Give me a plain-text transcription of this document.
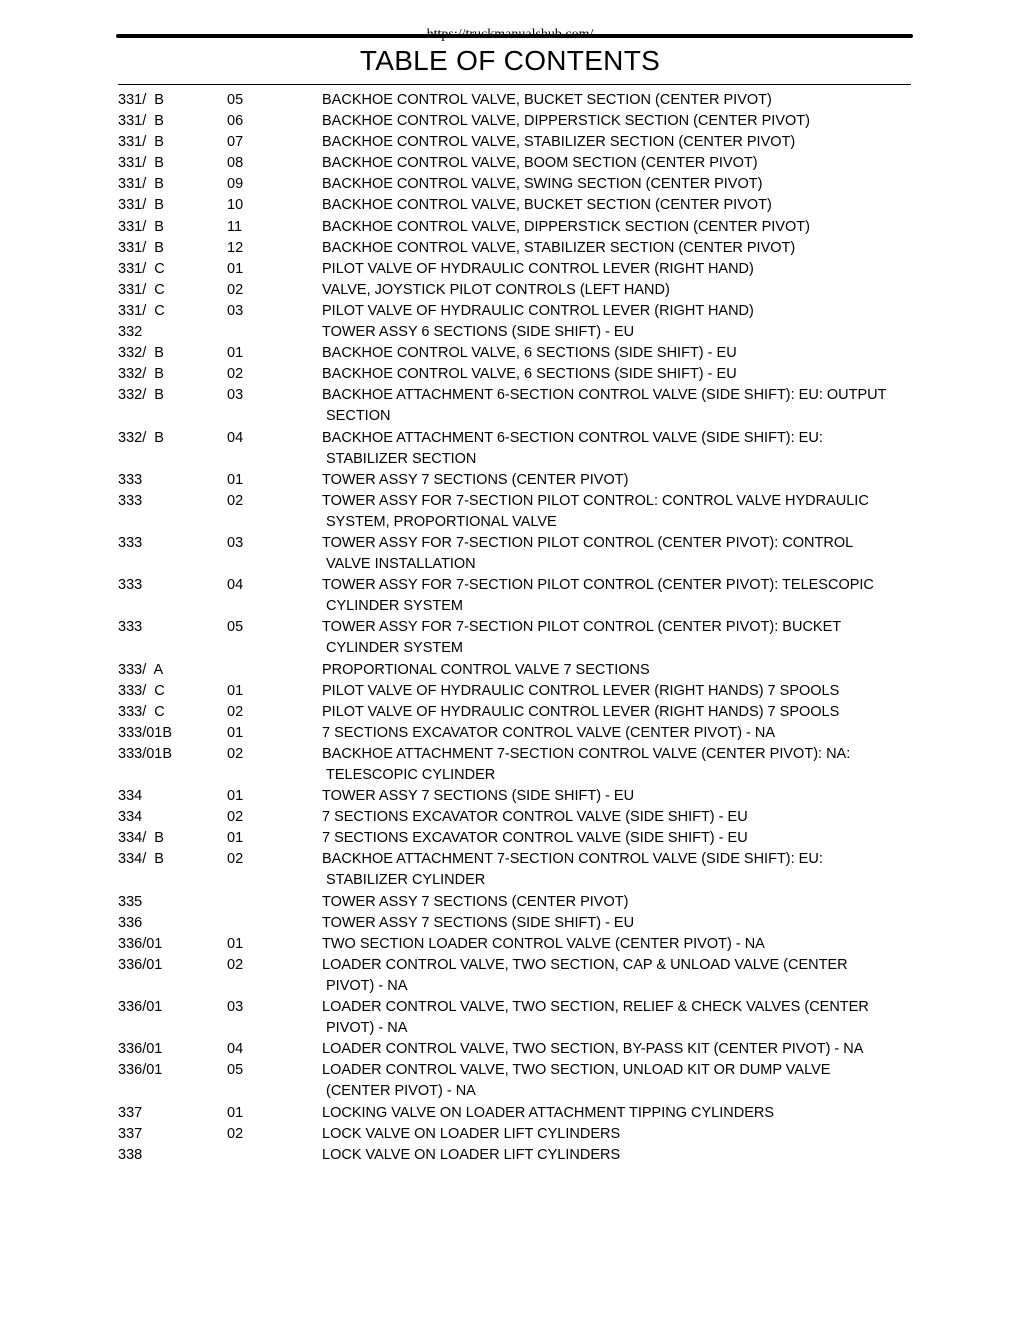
https://truckmanualshub.com/
TABLE OF CONTENTS
331/  B	05	BACKHOE CONTROL VALVE, BUCKET SECTION (CENTER PIVOT)
331/  B	06	BACKHOE CONTROL VALVE, DIPPERSTICK SECTION (CENTER PIVOT)
331/  B	07	BACKHOE CONTROL VALVE, STABILIZER SECTION (CENTER PIVOT)
331/  B	08	BACKHOE CONTROL VALVE, BOOM SECTION (CENTER PIVOT)
331/  B	09	BACKHOE CONTROL VALVE, SWING SECTION (CENTER PIVOT)
331/  B	10	BACKHOE CONTROL VALVE, BUCKET SECTION (CENTER PIVOT)
331/  B	11	BACKHOE CONTROL VALVE, DIPPERSTICK SECTION (CENTER PIVOT)
331/  B	12	BACKHOE CONTROL VALVE, STABILIZER SECTION (CENTER PIVOT)
331/  C	01	PILOT VALVE OF HYDRAULIC CONTROL LEVER (RIGHT HAND)
331/  C	02	VALVE, JOYSTICK PILOT CONTROLS (LEFT HAND)
331/  C	03	PILOT VALVE OF HYDRAULIC CONTROL LEVER (RIGHT HAND)
332	TOWER ASSY 6 SECTIONS (SIDE SHIFT) - EU
332/  B	01	BACKHOE CONTROL VALVE, 6 SECTIONS (SIDE SHIFT) - EU
332/  B	02	BACKHOE CONTROL VALVE, 6 SECTIONS (SIDE SHIFT) - EU
332/  B	03	BACKHOE ATTACHMENT 6-SECTION CONTROL VALVE (SIDE SHIFT): EU: OUTPUT
SECTION
332/  B	04	BACKHOE ATTACHMENT 6-SECTION CONTROL VALVE (SIDE SHIFT): EU:
STABILIZER SECTION
333	01	TOWER ASSY 7 SECTIONS (CENTER PIVOT)
333	02	TOWER ASSY FOR 7-SECTION PILOT CONTROL: CONTROL VALVE HYDRAULIC
SYSTEM, PROPORTIONAL VALVE
333	03	TOWER ASSY FOR 7-SECTION PILOT CONTROL (CENTER PIVOT): CONTROL
VALVE INSTALLATION
333	04	TOWER ASSY FOR 7-SECTION PILOT CONTROL (CENTER PIVOT): TELESCOPIC
CYLINDER SYSTEM
333	05	TOWER ASSY FOR 7-SECTION PILOT CONTROL (CENTER PIVOT): BUCKET
CYLINDER SYSTEM
333/  A	PROPORTIONAL CONTROL VALVE 7 SECTIONS
333/  C	01	PILOT VALVE OF HYDRAULIC CONTROL LEVER (RIGHT HANDS) 7 SPOOLS
333/  C	02	PILOT VALVE OF HYDRAULIC CONTROL LEVER (RIGHT HANDS) 7 SPOOLS
333/01B	01	7 SECTIONS EXCAVATOR CONTROL VALVE (CENTER PIVOT) - NA
333/01B	02	BACKHOE ATTACHMENT 7-SECTION CONTROL VALVE (CENTER PIVOT): NA:
TELESCOPIC CYLINDER
334	01	TOWER ASSY 7 SECTIONS (SIDE SHIFT) - EU
334	02	7 SECTIONS EXCAVATOR CONTROL VALVE (SIDE SHIFT) - EU
334/  B	01	7 SECTIONS EXCAVATOR CONTROL VALVE (SIDE SHIFT) - EU
334/  B	02	BACKHOE ATTACHMENT 7-SECTION CONTROL VALVE (SIDE SHIFT): EU:
STABILIZER CYLINDER
335	TOWER ASSY 7 SECTIONS (CENTER PIVOT)
336	TOWER ASSY 7 SECTIONS (SIDE SHIFT) - EU
336/01	01	TWO SECTION LOADER CONTROL VALVE (CENTER PIVOT) - NA
336/01	02	LOADER CONTROL VALVE, TWO SECTION, CAP & UNLOAD VALVE (CENTER
PIVOT) - NA
336/01	03	LOADER CONTROL VALVE, TWO SECTION, RELIEF & CHECK VALVES (CENTER
PIVOT) - NA
336/01	04	LOADER CONTROL VALVE, TWO SECTION, BY-PASS KIT (CENTER PIVOT) - NA
336/01	05	LOADER CONTROL VALVE, TWO SECTION, UNLOAD KIT OR DUMP VALVE
(CENTER PIVOT) - NA
337	01	LOCKING VALVE ON LOADER ATTACHMENT TIPPING CYLINDERS
337	02	LOCK VALVE ON LOADER LIFT CYLINDERS
338	LOCK VALVE ON LOADER LIFT CYLINDERS
